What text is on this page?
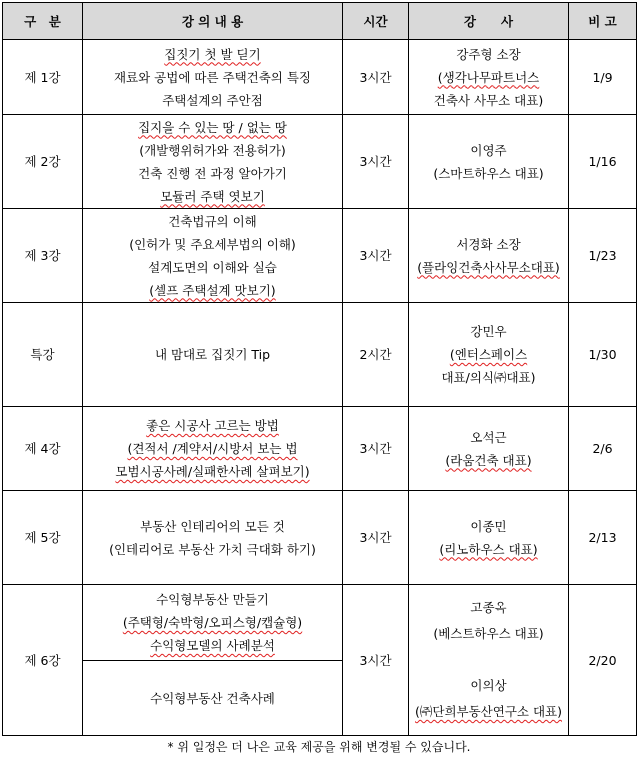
구　분	강 의 내 용	시간	강　　사	비 고
제 1강	집짓기 첫 발 딛기
재료와 공법에 따른 주택건축의 특징
주택설계의 주안점	3시간	강주형 소장
(생각나무파트너스
건축사 사무소 대표)	1/9
제 2강	집지을 수 있는 땅 / 없는 땅
(개발행위허가와 전용허가)
건축 진행 전 과정 알아가기
모듈러 주택 엿보기	3시간	이영주
(스마트하우스 대표)	1/16
제 3강	건축법규의 이해
(인허가 및 주요세부법의 이해)
설계도면의 이해와 실습
(셀프 주택설계 맛보기)	3시간	서경화 소장
(플라잉건축사사무소대표)	1/23
특강	내 맘대로 집짓기 Tip	2시간	강민우
(엔터스페이스
대표/의식㈜대표)	1/30
제 4강	좋은 시공사 고르는 방법
(견적서 /계약서/시방서 보는 법
모범시공사례/실패한사례 살펴보기)	3시간	오석근
(라움건축 대표)	2/6
제 5강	부동산 인테리어의 모든 것
(인테리어로 부동산 가치 극대화 하기)	3시간	이종민
(리노하우스 대표)	2/13
제 6강	수익형부동산 만들기
(주택형/숙박형/오피스형/캡슐형)
수익형모델의 사례분석	3시간	고종옥
(베스트하우스 대표)

이의상
(㈜단희부동산연구소 대표)	2/20

	수익형부동산 건축사례			
* 위 일정은 더 나은 교육 제공을 위해 변경될 수 있습니다.
